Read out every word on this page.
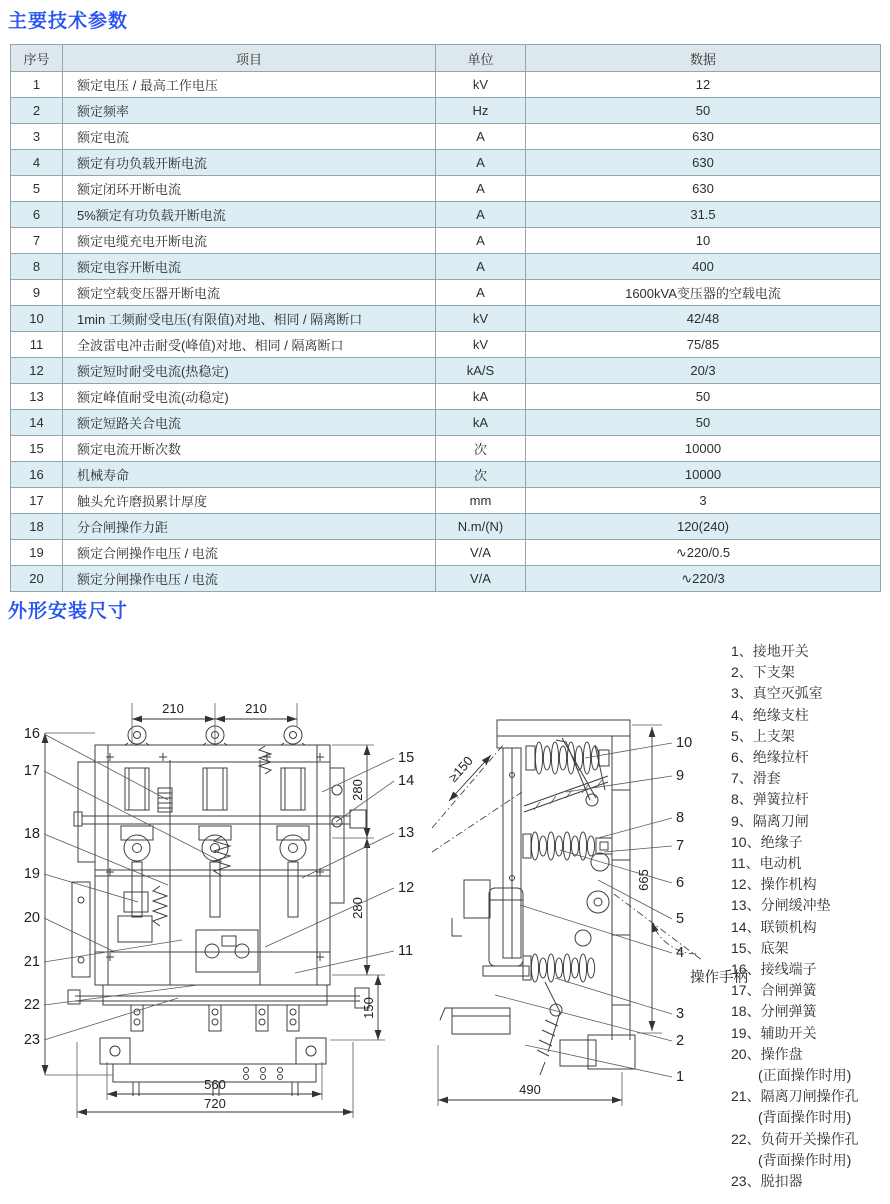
主要技术参数
序号	项目	单位	数据
1	额定电压 / 最高工作电压	kV	12
2	额定频率	Hz	50
3	额定电流	A	630
4	额定有功负载开断电流	A	630
5	额定闭环开断电流	A	630
6	5%额定有功负载开断电流	A	31.5
7	额定电缆充电开断电流	A	10
8	额定电容开断电流	A	400
9	额定空载变压器开断电流	A	1600kVA变压器的空载电流
10	1min 工频耐受电压(有限值)对地、相同 / 隔离断口	kV	42/48
11	全波雷电冲击耐受(峰值)对地、相同 / 隔离断口	kV	75/85
12	额定短时耐受电流(热稳定)	kA/S	20/3
13	额定峰值耐受电流(动稳定)	kA	50
14	额定短路关合电流	kA	50
15	额定电流开断次数	次	10000
16	机械寿命	次	10000
17	触头允许磨损累计厚度	mm	3
18	分合闸操作力距	N.m/(N)	120(240)
19	额定合闸操作电压 / 电流	V/A	∿220/0.5
20	额定分闸操作电压 / 电流	V/A	∿220/3
外形安装尺寸
210	210
280
280
150
560
720
16
17
18
19
20
21
22
23
15
14
13
12
11
≥150
665
490
10
9
8
7
6
5
4
3
2
1
操作手柄
1、接地开关
2、下支架
3、真空灭弧室
4、绝缘支柱
5、上支架
6、绝缘拉杆
7、滑套
8、弹簧拉杆
9、隔离刀闸
10、绝缘子
11、电动机
12、操作机构
13、分闸缓冲垫
14、联锁机构
15、底架
16、接线端子
17、合闸弹簧
18、分闸弹簧
19、辅助开关
20、操作盘
(正面操作时用)
21、隔离刀闸操作孔
(背面操作时用)
22、负荷开关操作孔
(背面操作时用)
23、脱扣器
